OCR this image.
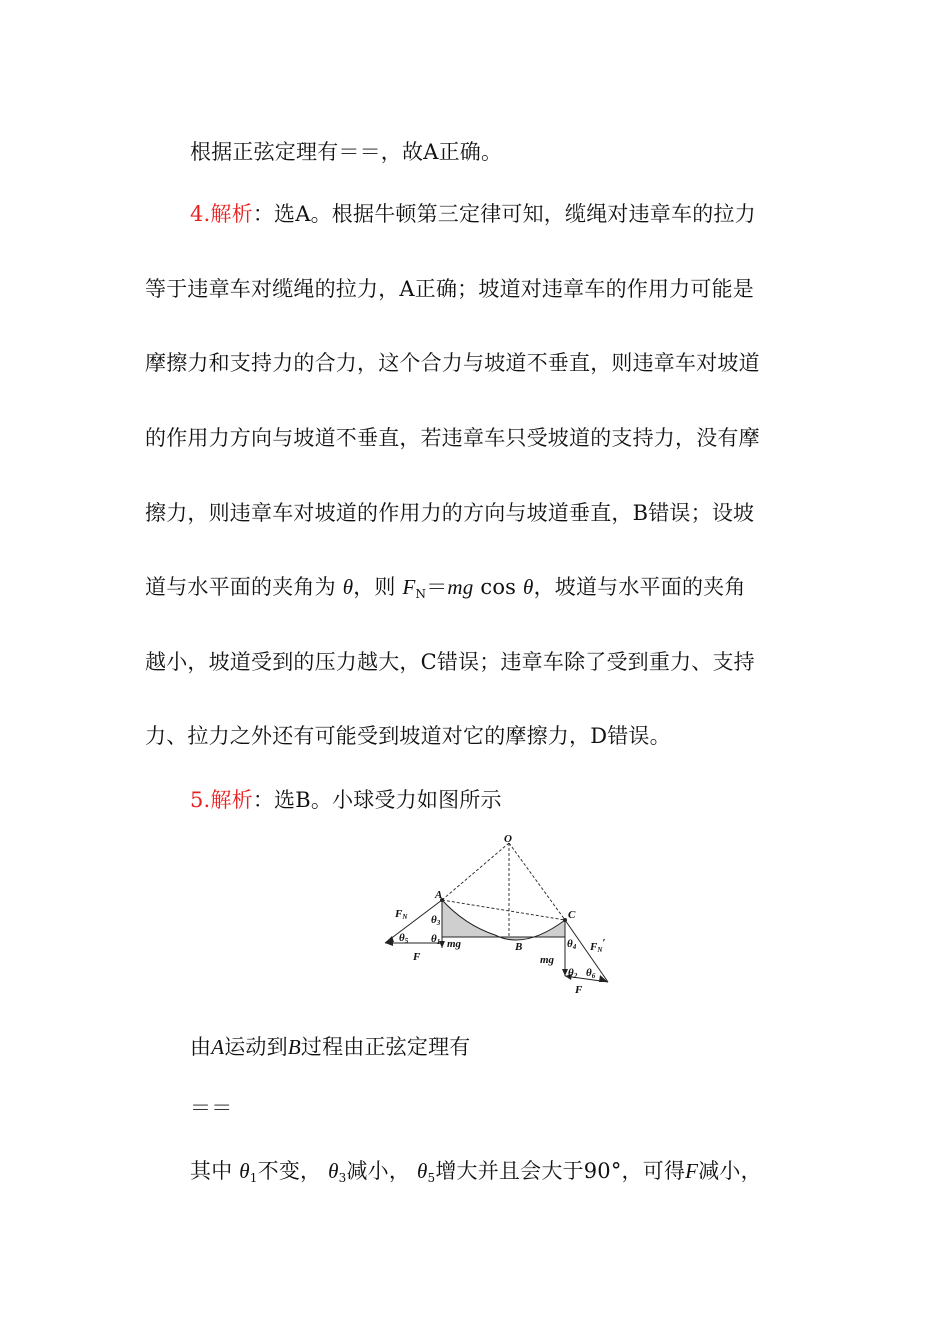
根据正弦定理有＝＝，故A正确。
4.解析：选A。根据牛顿第三定律可知，缆绳对违章车的拉力
等于违章车对缆绳的拉力，A正确；坡道对违章车的作用力可能是
摩擦力和支持力的合力，这个合力与坡道不垂直，则违章车对坡道
的作用力方向与坡道不垂直，若违章车只受坡道的支持力，没有摩
擦力，则违章车对坡道的作用力的方向与坡道垂直，B错误；设坡
道与水平面的夹角为 θ，则 $F_N=mg$ cos θ，坡道与水平面的夹角
越小，坡道受到的压力越大，C错误；违章车除了受到重力、支持
力、拉力之外还有可能受到坡道对它的摩擦力，D错误。
5.解析：选B。小球受力如图所示
O
A
B
C
FN
FN′
F
F
mg
mg
θ3
θ1
θ5	θ4
θ2 θ6
由A运动到B过程由正弦定理有
＝＝
其中 $\theta_1$不变， $\theta_3$减小， $\theta_5$增大并且会大于90°，可得F减小，
